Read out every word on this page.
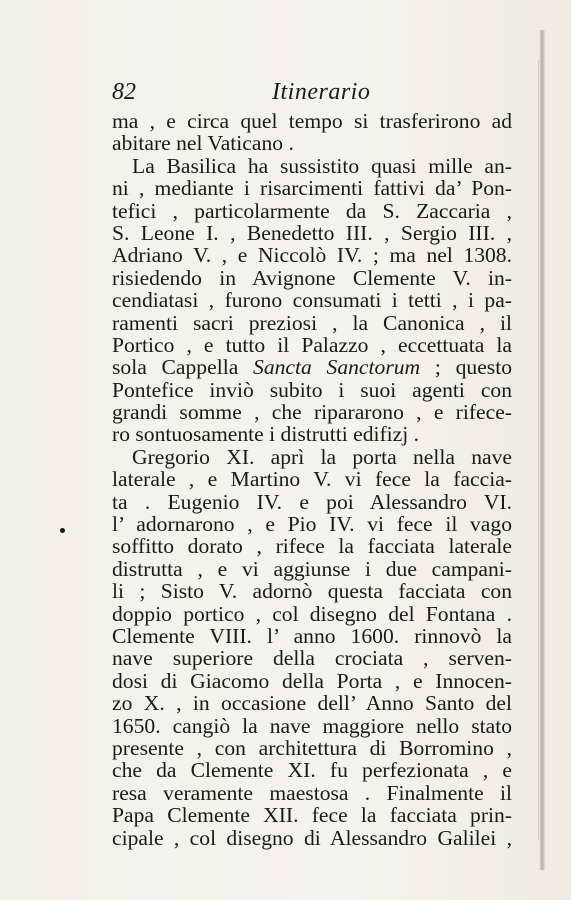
82	Itinerario
ma , e circa quel tempo si trasferirono ad
abitare nel Vaticano .
La Basilica ha sussistito quasi mille an-
ni , mediante i risarcimenti fattivi da’ Pon-
tefici , particolarmente da S. Zaccaria ,
S. Leone I. , Benedetto III. , Sergio III. ,
Adriano V. , e Niccolò IV. ; ma nel 1308.
risiedendo in Avignone Clemente V. in-
cendiatasi , furono consumati i tetti , i pa-
ramenti sacri preziosi , la Canonica , il
Portico , e tutto il Palazzo , eccettuata la
sola Cappella Sancta Sanctorum ; questo
Pontefice inviò subito i suoi agenti con
grandi somme , che ripararono , e rifece-
ro sontuosamente i distrutti edifizj .
Gregorio XI. aprì la porta nella nave
laterale , e Martino V. vi fece la faccia-
ta . Eugenio IV. e poi Alessandro VI.
l’ adornarono , e Pio IV. vi fece il vago
soffitto dorato , rifece la facciata laterale
distrutta , e vi aggiunse i due campani-
li ; Sisto V. adornò questa facciata con
doppio portico , col disegno del Fontana .
Clemente VIII. l’ anno 1600. rinnovò la
nave superiore della crociata , serven-
dosi di Giacomo della Porta , e Innocen-
zo X. , in occasione dell’ Anno Santo del
1650. cangiò la nave maggiore nello stato
presente , con architettura di Borromino ,
che da Clemente XI. fu perfezionata , e
resa veramente maestosa . Finalmente il
Papa Clemente XII. fece la facciata prin-
cipale , col disegno di Alessandro Galilei ,
